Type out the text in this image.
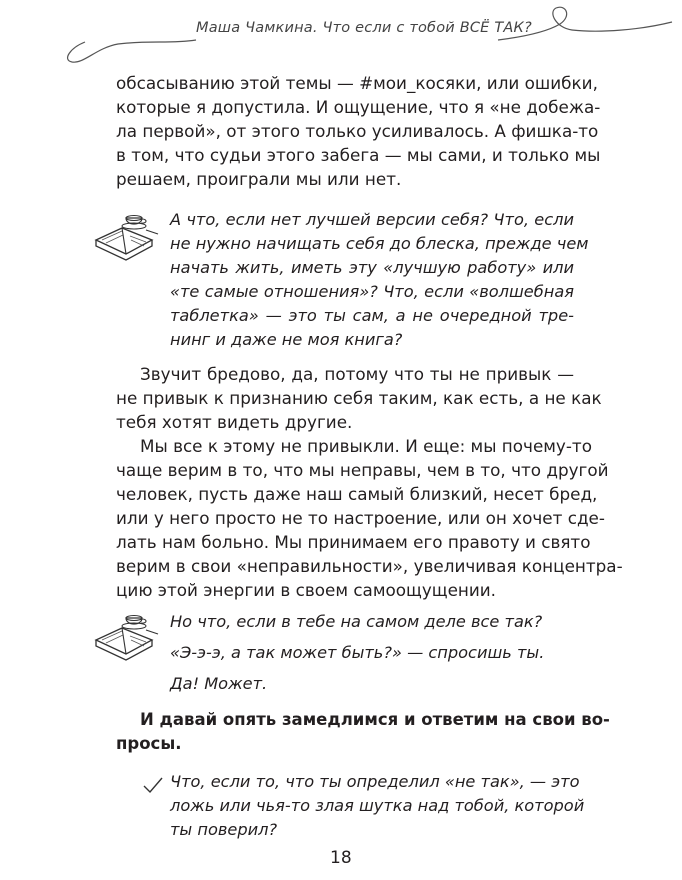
Маша Чамкина. Что если с тобой ВСЁ ТАК?
обсасыванию этой темы — #мои_косяки, или ошибки,
которые я допустила. И ощущение, что я «не добежа-
ла первой», от этого только усиливалось. А фишка-то
в том, что судьи этого забега — мы сами, и только мы
решаем, проиграли мы или нет.
А что, если нет лучшей версии себя? Что, если
не нужно начищать себя до блеска, прежде чем
начать жить, иметь эту «лучшую работу» или
«те самые отношения»? Что, если «волшебная
таблетка» — это ты сам, а не очередной тре-
нинг и даже не моя книга?
Звучит бредово, да, потому что ты не привык —
не привык к признанию себя таким, как есть, а не как
тебя хотят видеть другие.
Мы все к этому не привыкли. И еще: мы почему-то
чаще верим в то, что мы неправы, чем в то, что другой
человек, пусть даже наш самый близкий, несет бред,
или у него просто не то настроение, или он хочет сде-
лать нам больно. Мы принимаем его правоту и свято
верим в свои «неправильности», увеличивая концентра-
цию этой энергии в своем самоощущении.
Но что, если в тебе на самом деле все так?
«Э-э-э, а так может быть?» — спросишь ты.
Да! Может.
И давай опять замедлимся и ответим на свои во-
просы.
Что, если то, что ты определил «не так», — это
ложь или чья-то злая шутка над тобой, которой
ты поверил?
18
